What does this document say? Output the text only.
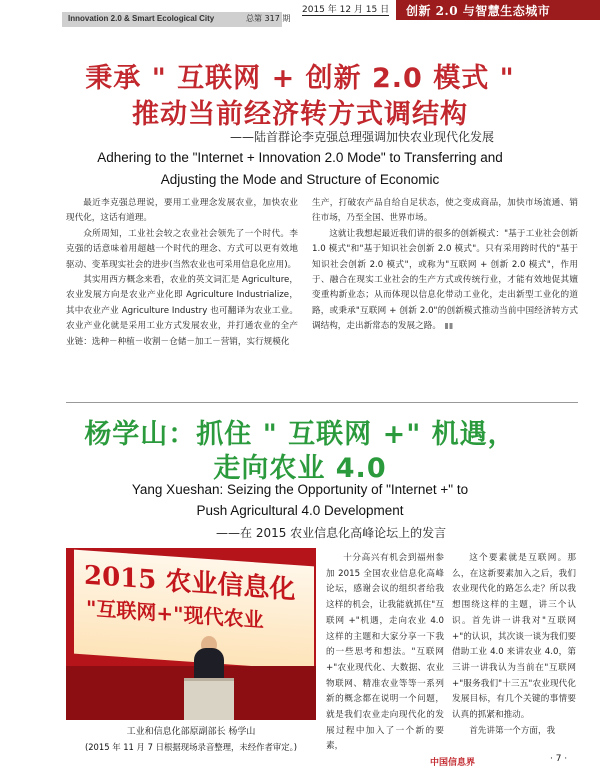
Innovation 2.0 & Smart Ecological City	总第 317 期
2015 年 12 月 15 日 创新 2.0 与智慧生态城市
秉承 " 互联网 + 创新 2.0 模式 "
推动当前经济转方式调结构
——陆首群论李克强总理强调加快农业现代化发展
Adhering to the "Internet + Innovation 2.0 Mode" to Transferring and
Adjusting the Mode and Structure of Economic

最近李克强总理说，要用工业理念发展农业，加快农业现代化，这话有道理。

众所周知，工业社会较之农业社会领先了一个时代。李克强的话意味着用超越一个时代的理念、方式可以更有效地驱动、变革现实社会的进步(当然农业也可采用信息化应用)。

其实用西方概念来看，农业的英文词汇是 Agriculture，农业发展方向是农业产业化即 Agriculture Industrialize，其中农业产业 Agriculture Industry 也可翻译为农业工业。农业产业化就是采用工业方式发展农业，并打通农业的全产业链：选种－种植－收割－仓储－加工－营销，实行规模化

生产，打破农产品自给自足状态，使之变成商品，加快市场流通、销往市场，乃至全国、世界市场。

这就让我想起最近我们讲的很多的创新模式："基于工业社会创新 1.0 模式"和"基于知识社会创新 2.0 模式"。只有采用跨时代的"基于知识社会创新 2.0 模式"，或称为"互联网 + 创新 2.0 模式"，作用于、融合在现实工业社会的生产方式或传统行业，才能有效地促其嬗变重构新业态；从而体现以信息化带动工业化，走出新型工业化的道路，或秉承"互联网 + 创新 2.0"的创新模式推动当前中国经济转方式调结构，走出新常态的发展之路。

杨学山：抓住 " 互联网 +" 机遇，
走向农业 4.0
Yang Xueshan: Seizing the Opportunity of "Internet +" to
Push Agricultural 4.0 Development
——在 2015 农业信息化高峰论坛上的发言
2015 农业信息化
"互联网+"现代农业
工业和信息化部原副部长 杨学山
(2015 年 11 月 7 日根据现场录音整理，未经作者审定。)

十分高兴有机会到福州参加 2015 全国农业信息化高峰论坛，感谢会议的组织者给我这样的机会，让我能就抓住"互联网 +"机遇，走向农业 4.0 这样的主题和大家分享一下我的一些思考和想法。"互联网 +"农业现代化、大数据、农业物联网、精准农业等等一系列新的概念都在说明一个问题，就是我们农业走向现代化的发展过程中加入了一个新的要素，

这个要素就是互联网。那么，在这新要素加入之后，我们农业现代化的路怎么走？所以我想围绕这样的主题，讲三个认识。首先讲一讲我对"互联网 +"的认识，其次谈一谈为我们要借助工业 4.0 来讲农业 4.0，第三讲一讲我认为当前在"互联网 +"服务我们"十三五"农业现代化发展目标，有几个关键的事情要认真的抓紧和推动。

首先讲第一个方面，我

中国信息界	· 7 ·
